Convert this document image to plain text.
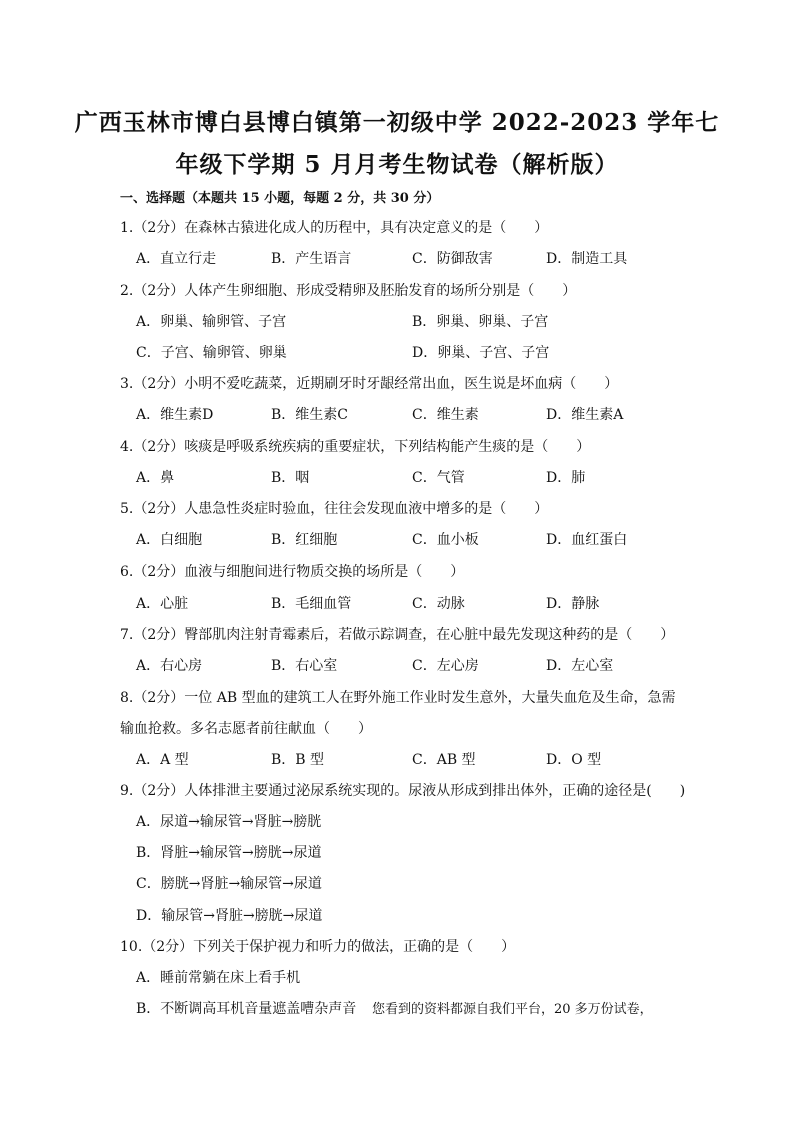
广西玉林市博白县博白镇第一初级中学 2022-2023 学年七
年级下学期 5 月月考生物试卷（解析版）
一、选择题（本题共 15 小题，每题 2 分，共 30 分）
1.（2分）在森林古猿进化成人的历程中，具有决定意义的是（　　）
A．直立行走	B．产生语言	C．防御敌害	D．制造工具
2.（2分）人体产生卵细胞、形成受精卵及胚胎发育的场所分别是（　　）
A．卵巢、输卵管、子宫	B．卵巢、卵巢、子宫
C．子宫、输卵管、卵巢	D．卵巢、子宫、子宫
3.（2分）小明不爱吃蔬菜，近期刷牙时牙龈经常出血，医生说是坏血病（　　）
A．维生素D	B．维生素C	C．维生素	D．维生素A
4.（2分）咳痰是呼吸系统疾病的重要症状，下列结构能产生痰的是（　　）
A．鼻	B．咽	C．气管	D．肺
5.（2分）人患急性炎症时验血，往往会发现血液中增多的是（　　）
A．白细胞	B．红细胞	C．血小板	D．血红蛋白
6.（2分）血液与细胞间进行物质交换的场所是（　　）
A．心脏	B．毛细血管	C．动脉	D．静脉
7.（2分）臀部肌肉注射青霉素后，若做示踪调查，在心脏中最先发现这种药的是（　　）
A．右心房	B．右心室	C．左心房	D．左心室
8.（2分）一位 AB 型血的建筑工人在野外施工作业时发生意外，大量失血危及生命，急需
输血抢救。多名志愿者前往献血（　　）
A．A 型	B．B 型	C．AB 型	D．O 型
9.（2分）人体排泄主要通过泌尿系统实现的。尿液从形成到排出体外，正确的途径是(　　)
A．尿道→输尿管→肾脏→膀胱
B．肾脏→输尿管→膀胱→尿道
C．膀胱→肾脏→输尿管→尿道
D．输尿管→肾脏→膀胱→尿道
10.（2分）下列关于保护视力和听力的做法，正确的是（　　）
A．睡前常躺在床上看手机
B．不断调高耳机音量遮盖嘈杂声音 您看到的资料都源自我们平台，20 多万份试卷，
